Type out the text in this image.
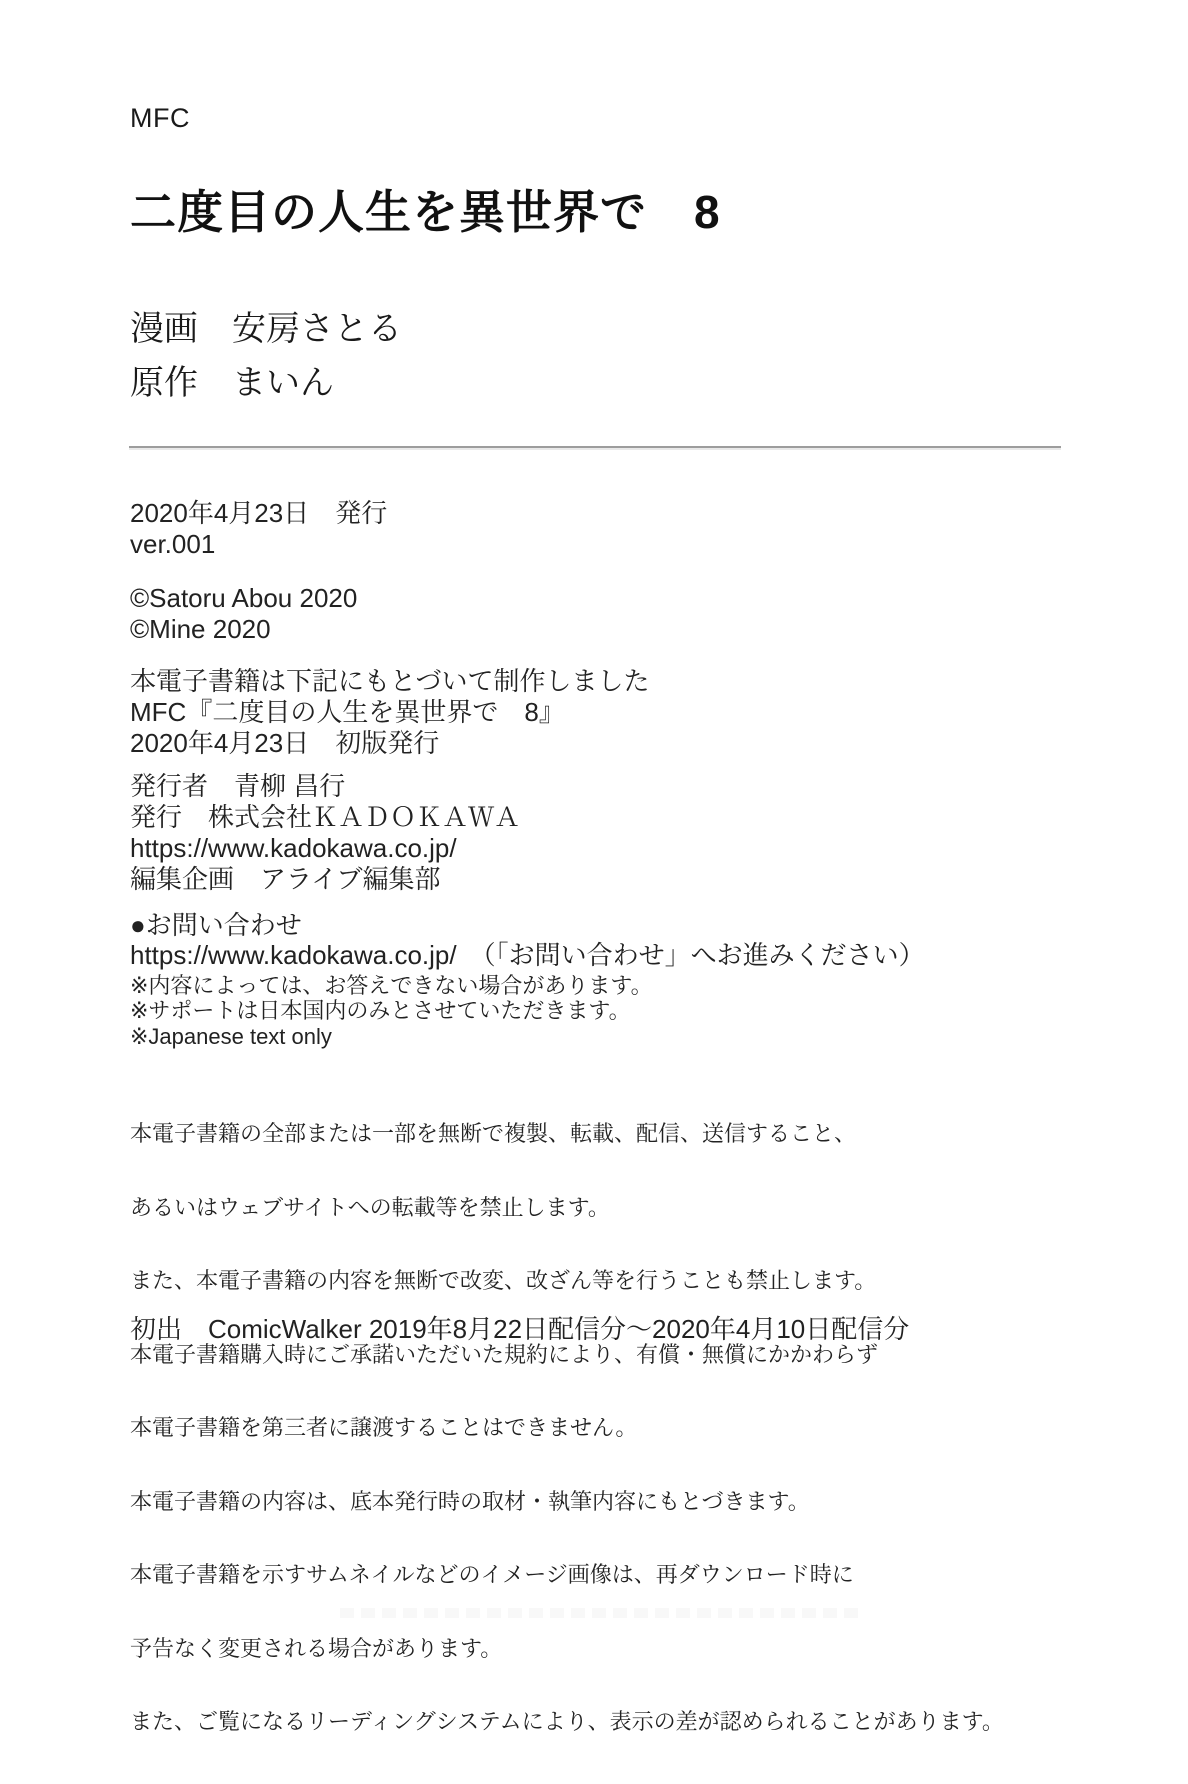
MFC
二度目の人生を異世界で　8
漫画　安房さとる
原作　まいん
2020年4月23日　発行
ver.001
©Satoru Abou 2020
©Mine 2020
本電子書籍は下記にもとづいて制作しました
MFC『二度目の人生を異世界で　8』
2020年4月23日　初版発行
発行者　青柳 昌行
発行　株式会社ＫＡＤＯＫＡＷＡ
https://www.kadokawa.co.jp/
編集企画　アライブ編集部
●お問い合わせ
https://www.kadokawa.co.jp/　（「お問い合わせ」へお進みください）
※内容によっては、お答えできない場合があります。
※サポートは日本国内のみとさせていただきます。
※Japanese text only

本電子書籍の全部または一部を無断で複製、転載、配信、送信すること、

あるいはウェブサイトへの転載等を禁止します。

また、本電子書籍の内容を無断で改変、改ざん等を行うことも禁止します。

本電子書籍購入時にご承諾いただいた規約により、有償・無償にかかわらず

本電子書籍を第三者に譲渡することはできません。

本電子書籍の内容は、底本発行時の取材・執筆内容にもとづきます。

本電子書籍を示すサムネイルなどのイメージ画像は、再ダウンロード時に

予告なく変更される場合があります。

また、ご覧になるリーディングシステムにより、表示の差が認められることがあります。

初出　ComicWalker 2019年8月22日配信分〜2020年4月10日配信分
